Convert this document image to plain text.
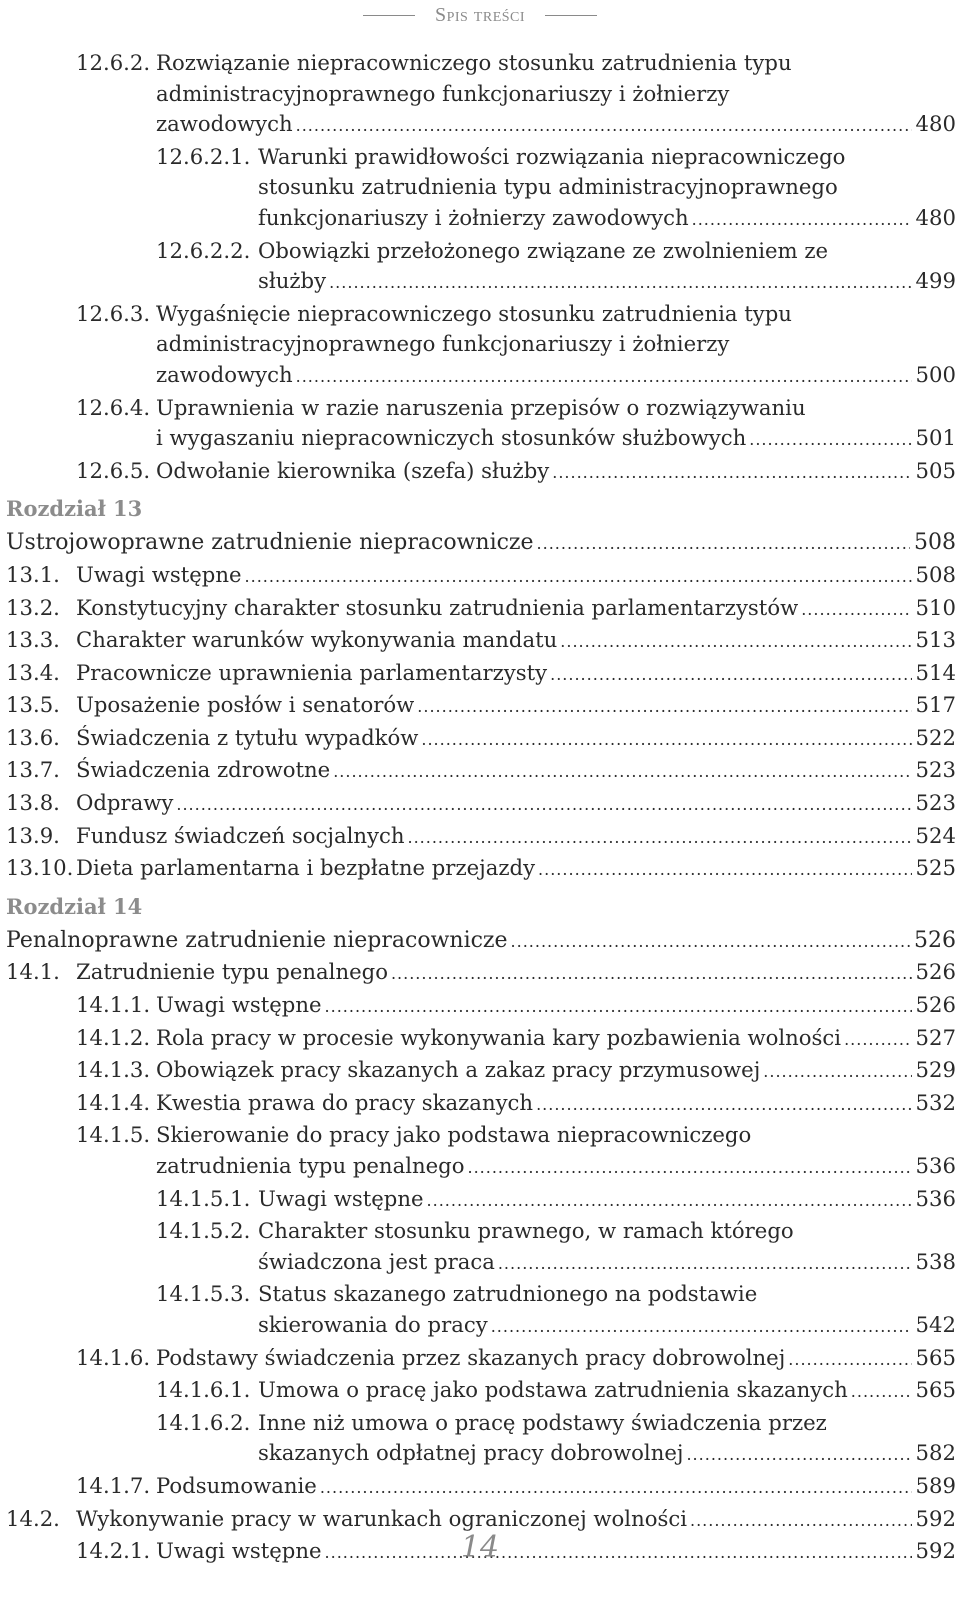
Spis treści
12.6.2. Rozwiązanie niepracowniczego stosunku zatrudnienia typu
administracyjnoprawnego funkcjonariuszy i żołnierzy
zawodowych .....	480
12.6.2.1. Warunki prawidłowości rozwiązania niepracowniczego
stosunku zatrudnienia typu administracyjnoprawnego
funkcjonariuszy i żołnierzy zawodowych .....	480
12.6.2.2. Obowiązki przełożonego związane ze zwolnieniem ze
służby .....	499
12.6.3. Wygaśnięcie niepracowniczego stosunku zatrudnienia typu
administracyjnoprawnego funkcjonariuszy i żołnierzy
zawodowych .....	500
12.6.4. Uprawnienia w razie naruszenia przepisów o rozwiązywaniu
i wygaszaniu niepracowniczych stosunków służbowych .....	501
12.6.5. Odwołanie kierownika (szefa) służby .....	505
Rozdział 13
Ustrojowoprawne zatrudnienie niepracownicze .....	508
13.1. Uwagi wstępne .....	508
13.2. Konstytucyjny charakter stosunku zatrudnienia parlamentarzystów .....	510
13.3. Charakter warunków wykonywania mandatu .....	513
13.4. Pracownicze uprawnienia parlamentarzysty .....	514
13.5. Uposażenie posłów i senatorów .....	517
13.6. Świadczenia z tytułu wypadków .....	522
13.7. Świadczenia zdrowotne .....	523
13.8. Odprawy .....	523
13.9. Fundusz świadczeń socjalnych .....	524
13.10. Dieta parlamentarna i bezpłatne przejazdy .....	525
Rozdział 14
Penalnoprawne zatrudnienie niepracownicze .....	526
14.1. Zatrudnienie typu penalnego .....	526
14.1.1. Uwagi wstępne .....	526
14.1.2. Rola pracy w procesie wykonywania kary pozbawienia wolności .....	527
14.1.3. Obowiązek pracy skazanych a zakaz pracy przymusowej .....	529
14.1.4. Kwestia prawa do pracy skazanych .....	532
14.1.5. Skierowanie do pracy jako podstawa niepracowniczego
zatrudnienia typu penalnego .....	536
14.1.5.1. Uwagi wstępne .....	536
14.1.5.2. Charakter stosunku prawnego, w ramach którego
świadczona jest praca .....	538
14.1.5.3. Status skazanego zatrudnionego na podstawie
skierowania do pracy .....	542
14.1.6. Podstawy świadczenia przez skazanych pracy dobrowolnej .....	565
14.1.6.1. Umowa o pracę jako podstawa zatrudnienia skazanych .....	565
14.1.6.2. Inne niż umowa o pracę podstawy świadczenia przez
skazanych odpłatnej pracy dobrowolnej .....	582
14.1.7. Podsumowanie .....	589
14.2. Wykonywanie pracy w warunkach ograniczonej wolności .....	592
14.2.1. Uwagi wstępne .....	592
14
